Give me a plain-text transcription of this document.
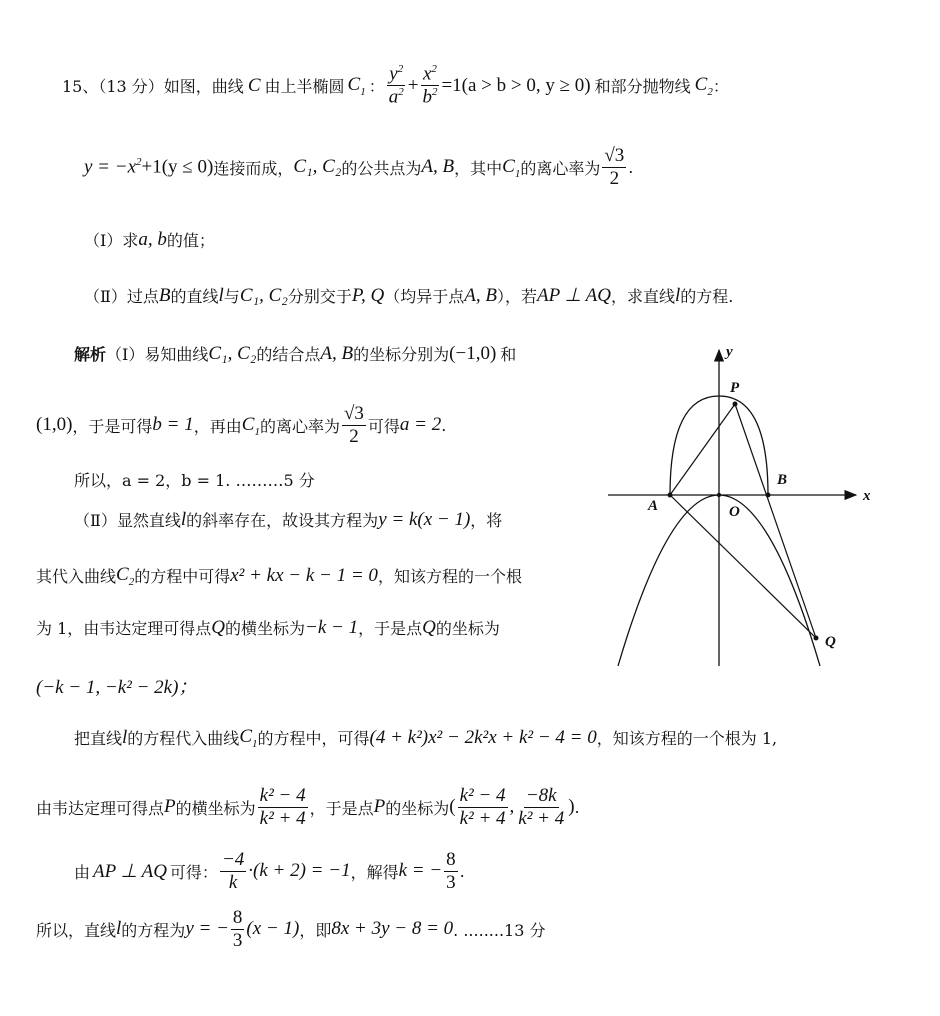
15、（13 分）如图，曲线 C 由上半椭圆 $C_1$ ： $\frac{y^2}{a^2} + \frac{x^2}{b^2} =1(a > b > 0$, y ≥ 0) 和部分抛物线 $C_2$ ：
$y = -x^2+1(y \le 0)$ 连接而成， C₁, C₂ 的公共点为 A, B ，其中 $C_1$ 的离心率为 $\frac{√3}{2}$ .
（Ⅰ）求 a, b 的值；
（Ⅱ）过点 B 的直线 l 与 C₁, C₂ 分别交于 P, Q （均异于点 A, B ），若 AP ⊥ AQ ，求直线 l 的方程.
解析 （Ⅰ）易知曲线 C₁, C₂ 的结合点 A, B 的坐标分别为 (−1,0) 和
(1,0) ，于是可得 b = 1 ，再由 $C_1$ 的离心率为 $\frac{√3}{2}$ 可得 a = 2 .
所以，a = 2，b = 1. ………5 分
（Ⅱ）显然直线 l 的斜率存在，故设其方程为 y = k(x − 1) ，将
其代入曲线 $C_2$ 的方程中可得 x² + kx − k − 1 = 0 ，知该方程的一个根
为 1，由韦达定理可得点 Q 的横坐标为 −k − 1 ，于是点 Q 的坐标为
(−k − 1, −k² − 2k)；
把直线 l 的方程代入曲线 $C_1$ 的方程中，可得 (4 + k²)x² − 2k²x + k² − 4 = 0 ，知该方程的一个根为 1,
由韦达定理可得点 P 的横坐标为 $\frac{\text{k² − 4}}{\text{k² + 4}}$ ，于是点 P 的坐标为 ( $\frac{\text{k² − 4}}{\text{k² + 4}}$ , $\frac{-8k}{\text{k² + 4}}$ ) .
由 AP ⊥ AQ 可得： $\frac{-4}{k} \cdot(k + 2) = -1$ ，解得 k = − $\frac{8}{3}$ .
所以，直线 l 的方程为 y = − $\frac{8}{3} (x - 1)$ ，即 8x + 3y − 8 = 0 . ........13 分
y
x
P
A	O
B
Q
